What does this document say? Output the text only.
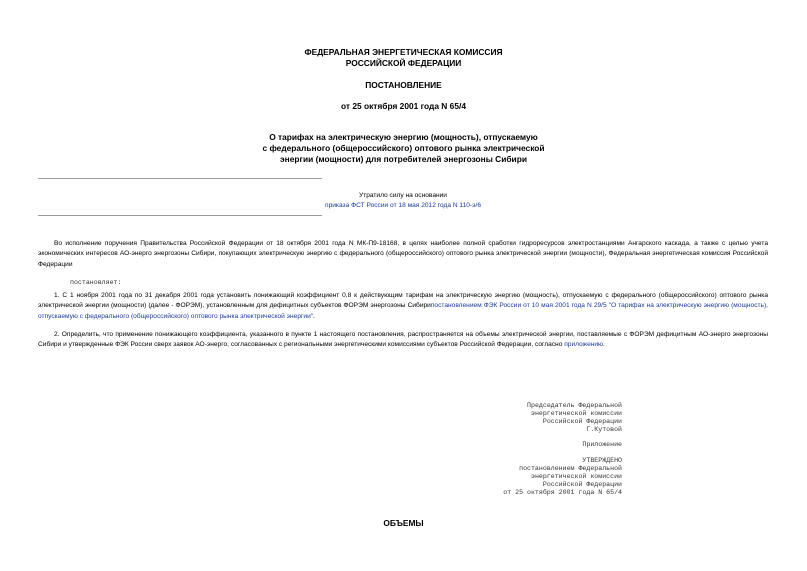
ФЕДЕРАЛЬНАЯ ЭНЕРГЕТИЧЕСКАЯ КОМИССИЯ
РОССИЙСКОЙ ФЕДЕРАЦИИ
ПОСТАНОВЛЕНИЕ
от 25 октября 2001 года N 65/4
О тарифах на электрическую энергию (мощность), отпускаемую
с федерального (общероссийского) оптового рынка электрической
энергии (мощности) для потребителей энергозоны Сибири
Утратило силу на основании
приказа ФСТ России от 18 мая 2012 года N 110-э/6
Во исполнение поручения Правительства Российской Федерации от 18 октября 2001 года N МК-П9-18168, в целях наиболее полной сработки гидроресурсов электростанциями Ангарского каскада, а также с целью учета экономических интересов АО-энерго энергозоны Сибири, покупающих электрическую энергию с федерального (общероссийского) оптового рынка электрической энергии (мощности), Федеральная энергетическая комиссия Российской Федерации
постановляет:
1. С 1 ноября 2001 года по 31 декабря 2001 года установить понижающий коэффициент 0,8 к действующим тарифам на электрическую энергию (мощность), отпускаемую с федерального (общероссийского) оптового рынка электрической энергии (мощности) (далее - ФОРЭМ), установленным для дефицитных субъектов ФОРЭМ энергозоны Сибирипостановлением ФЭК России от 10 мая 2001 года N 29/5 "О тарифах на электрическую энергию (мощность), отпускаемую с федерального (общероссийского) оптового рынка электрической энергии".
2. Определить, что применение понижающего коэффициента, указанного в пункте 1 настоящего постановления, распространяется на объемы электрической энергии, поставляемые с ФОРЭМ дефицитным АО-энерго энергозоны Сибири и утвержденные ФЭК России сверх заявок АО-энерго, согласованных с региональными энергетическими комиссиями субъектов Российской Федерации, согласно приложению.
Председатель Федеральной
энергетической комиссии
Российской Федерации
Г.Кутовой
Приложение
УТВЕРЖДЕНО
постановлением Федеральной
энергетической комиссии
Российской Федерации
от 25 октября 2001 года N 65/4
ОБЪЕМЫ
